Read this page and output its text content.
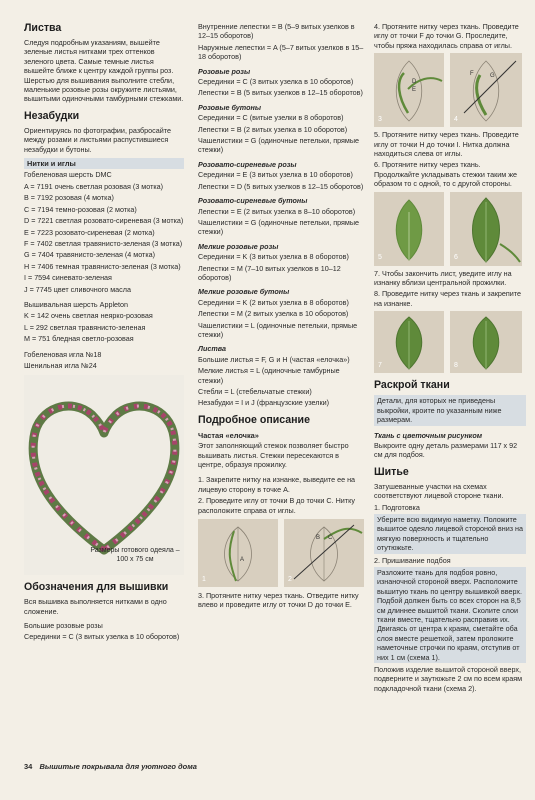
Листва

Следуя подробным указаниям, вышейте зеленые листья нитками трех оттенков зеленого цвета. Самые темные листья вышейте ближе к центру каждой группы роз. Шерстью для вышивания выполните стебли, маленькие розовые розы окружите листьями, вышитыми одиночными тамбурными стежками.

Незабудки

Ориентируясь по фотографии, разбросайте между розами и листьями распустившиеся незабудки и бутоны.

Нитки и иглы

Гобеленовая шерсть DMC

A = 7191 очень светлая розовая (3 мотка)

B = 7192 розовая (4 мотка)

C = 7194 темно-розовая (2 мотка)

D = 7221 светлая розовато-сиреневая (3 мотка)

E = 7223 розовато-сиреневая (2 мотка)

F = 7402 светлая травянисто-зеленая (3 мотка)

G = 7404 травянисто-зеленая (4 мотка)

H = 7406 темная травянисто-зеленая (3 мотка)

I = 7594 синевато-зеленая

J = 7745 цвет сливочного масла

Вышивальная шерсть Appleton

K = 142 очень светлая неярко-розовая

L = 292 светлая травянисто-зеленая

M = 751 бледная светло-розовая

Гобеленовая игла №18

Шенильная игла №24

Размеры готового одеяла – 100 х 75 см
Обозначения для вышивки

Вся вышивка выполняется нитками в одно сложение.

Большие розовые розы

Серединки = С (3 витых узелка в 10 оборотов)

Внутренние лепестки = B (5–9 витых узелков в 12–15 оборотов)

Наружные лепестки = A (5–7 витых узелков в 15–18 оборотов)

Розовые розы

Серединки = С (3 витых узелка в 10 оборотов)

Лепестки = B (5 витых узелков в 12–15 оборотов)

Розовые бутоны

Серединки = С (витые узелки в 8 оборотов)

Лепестки = B (2 витых узелка в 10 оборотов)

Чашелистики = G (одиночные петельки, прямые стежки)

Розовато-сиреневые розы

Серединки = E (3 витых узелка в 10 оборотов)

Лепестки = D (5 витых узелков в 12–15 оборотов)

Розовато-сиреневые бутоны

Лепестки = E (2 витых узелка в 8–10 оборотов)

Чашелистики = G (одиночные петельки, прямые стежки)

Мелкие розовые розы

Серединки = K (3 витых узелка в 8 оборотов)

Лепестки = M (7–10 витых узелков в 10–12 оборотов)

Мелкие розовые бутоны

Серединки = K (2 витых узелка в 8 оборотов)

Лепестки = M (2 витых узелка в 10 оборотов)

Чашелистики = L (одиночные петельки, прямые стежки)

Листва

Большие листья = F, G и H (частая «елочка»)

Мелкие листья = L (одиночные тамбурные стежки)

Стебли = L (стебельчатые стежки)

Незабудки = I и J (французские узелки)

Подробное описание
Частая «елочка»

Этот заполняющий стежок позволяет быстро вышивать листья. Стежки пересекаются в центре, образуя прожилку.

1. Закрепите нитку на изнанке, выведите ее на лицевую сторону в точке А.

2. Проведите иглу от точки В до точки С. Нитку расположите справа от иглы.

A
1
B C
2

3. Протяните нитку через ткань. Отведите нитку влево и проведите иглу от точки D до точки Е.

4. Протяните нитку через ткань. Проведите иглу от точки F до точки G. Проследите, чтобы пряжа находилась справа от иглы.

D
E
3
F	G
4

5. Протяните нитку через ткань. Проведите иглу от точки H до точки I. Нитка должна находиться слева от иглы.

6. Протяните нитку через ткань. Продолжайте укладывать стежки таким же образом то с одной, то с другой стороны.

5	6

7. Чтобы закончить лист, уведите иглу на изнанку вблизи центральной прожилки.

8. Проведите нитку через ткань и закрепите на изнанке.

7	8
Раскрой ткани

Детали, для которых не приведены выкройки, кроите по указанным ниже размерам.

Ткань с цветочным рисунком

Выкроите одну деталь размерами 117 х 92 см для подбоя.

Шитье

Затушеванные участки на схемах соответствуют лицевой стороне ткани.

1. Подготовка

Уберите всю видимую наметку. Положите вышитое одеяло лицевой стороной вниз на мягкую поверхность и тщательно отутюжьте.

2. Пришивание подбоя

Разложите ткань для подбоя ровно, изнаночной стороной вверх. Расположите вышитую ткань по центру вышивкой вверх. Подбой должен быть со всех сторон на 8,5 см длиннее вышитой ткани. Сколите слои ткани вместе, тщательно расправив их. Двигаясь от центра к краям, сметайте оба слоя вместе решеткой, затем проложите наметочные строчки по краям, отступив от них 1 см (схема 1).

Положив изделие вышитой стороной вверх, подверните и заутюжьте 2 см по всем краям подкладочной ткани (схема 2).

34 Вышитые покрывала для уютного дома
